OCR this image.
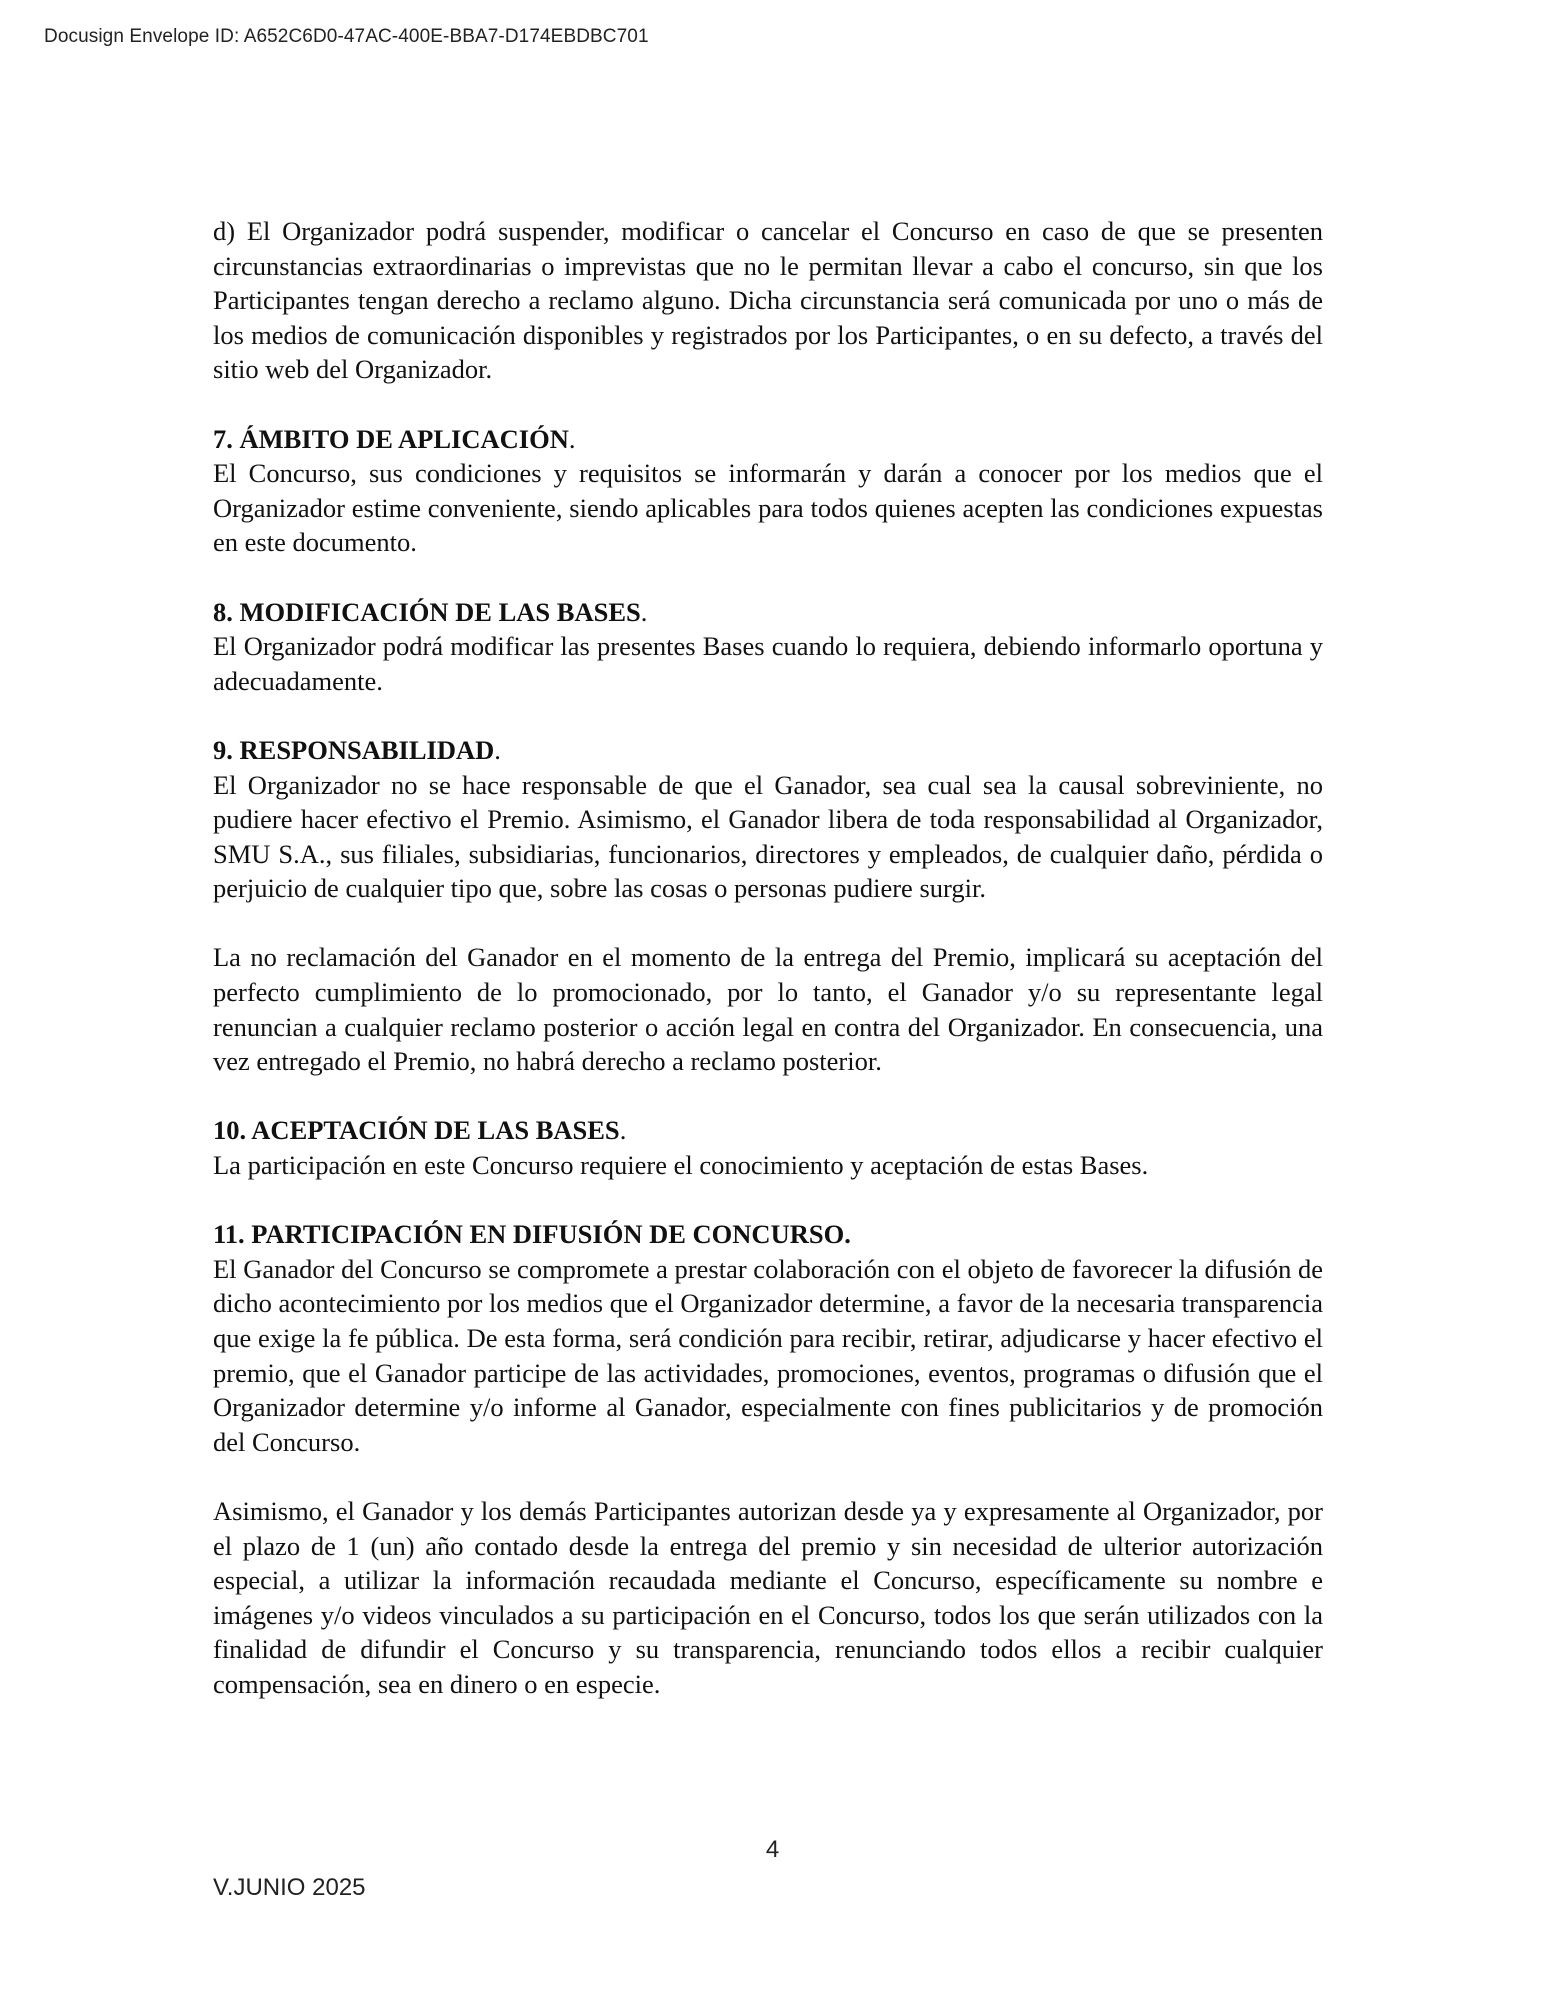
Docusign Envelope ID: A652C6D0-47AC-400E-BBA7-D174EBDBC701

d) El Organizador podrá suspender, modificar o cancelar el Concurso en caso de que se presenten circunstancias extraordinarias o imprevistas que no le permitan llevar a cabo el concurso, sin que los Participantes tengan derecho a reclamo alguno. Dicha circunstancia será comunicada por uno o más de los medios de comunicación disponibles y registrados por los Participantes, o en su defecto, a través del sitio web del Organizador.

7. ÁMBITO DE APLICACIÓN.

El Concurso, sus condiciones y requisitos se informarán y darán a conocer por los medios que el Organizador estime conveniente, siendo aplicables para todos quienes acepten las condiciones expuestas en este documento.

8. MODIFICACIÓN DE LAS BASES.

El Organizador podrá modificar las presentes Bases cuando lo requiera, debiendo informarlo oportuna y adecuadamente.

9. RESPONSABILIDAD.

El Organizador no se hace responsable de que el Ganador, sea cual sea la causal sobreviniente, no pudiere hacer efectivo el Premio. Asimismo, el Ganador libera de toda responsabilidad al Organizador, SMU S.A., sus filiales, subsidiarias, funcionarios, directores y empleados, de cualquier daño, pérdida o perjuicio de cualquier tipo que, sobre las cosas o personas pudiere surgir.

La no reclamación del Ganador en el momento de la entrega del Premio, implicará su aceptación del perfecto cumplimiento de lo promocionado, por lo tanto, el Ganador y/o su representante legal renuncian a cualquier reclamo posterior o acción legal en contra del Organizador. En consecuencia, una vez entregado el Premio, no habrá derecho a reclamo posterior.

10. ACEPTACIÓN DE LAS BASES.

La participación en este Concurso requiere el conocimiento y aceptación de estas Bases.

11. PARTICIPACIÓN EN DIFUSIÓN DE CONCURSO.

El Ganador del Concurso se compromete a prestar colaboración con el objeto de favorecer la difusión de dicho acontecimiento por los medios que el Organizador determine, a favor de la necesaria transparencia que exige la fe pública. De esta forma, será condición para recibir, retirar, adjudicarse y hacer efectivo el premio, que el Ganador participe de las actividades, promociones, eventos, programas o difusión que el Organizador determine y/o informe al Ganador, especialmente con fines publicitarios y de promoción del Concurso.

Asimismo, el Ganador y los demás Participantes autorizan desde ya y expresamente al Organizador, por el plazo de 1 (un) año contado desde la entrega del premio y sin necesidad de ulterior autorización especial, a utilizar la información recaudada mediante el Concurso, específicamente su nombre e imágenes y/o videos vinculados a su participación en el Concurso, todos los que serán utilizados con la finalidad de difundir el Concurso y su transparencia, renunciando todos ellos a recibir cualquier compensación, sea en dinero o en especie.

4
V.JUNIO 2025
